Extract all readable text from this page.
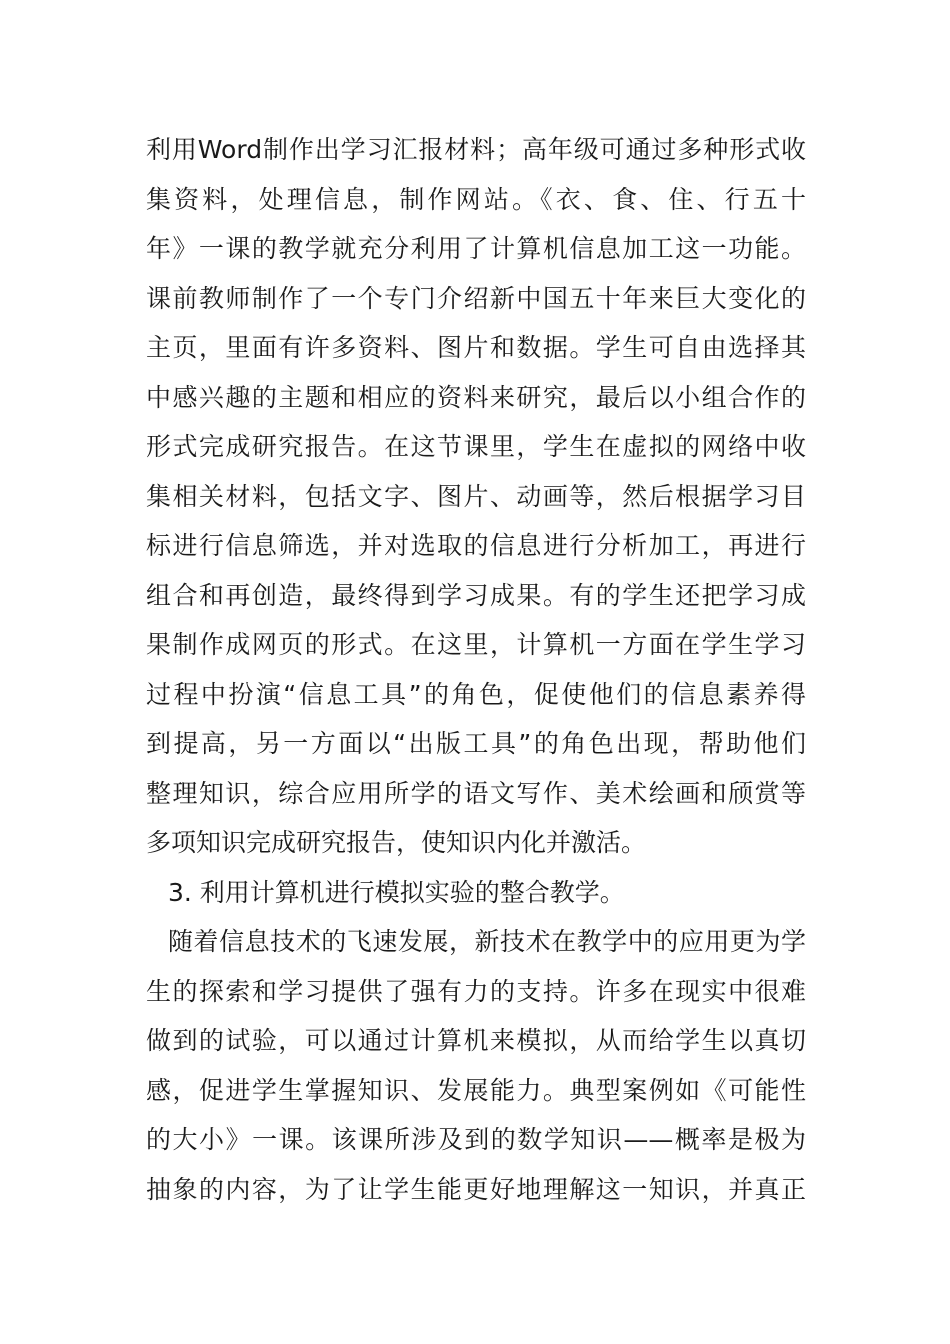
利用Word制作出学习汇报材料；高年级可通过多种形式收
集资料，处理信息，制作网站。《衣、食、住、行五十
年》一课的教学就充分利用了计算机信息加工这一功能。
课前教师制作了一个专门介绍新中国五十年来巨大变化的
主页，里面有许多资料、图片和数据。学生可自由选择其
中感兴趣的主题和相应的资料来研究，最后以小组合作的
形式完成研究报告。在这节课里，学生在虚拟的网络中收
集相关材料，包括文字、图片、动画等，然后根据学习目
标进行信息筛选，并对选取的信息进行分析加工，再进行
组合和再创造，最终得到学习成果。有的学生还把学习成
果制作成网页的形式。在这里，计算机一方面在学生学习
过程中扮演“信息工具”的角色，促使他们的信息素养得
到提高，另一方面以“出版工具”的角色出现，帮助他们
整理知识，综合应用所学的语文写作、美术绘画和颀赏等
多项知识完成研究报告，使知识内化并激活。
3. 利用计算机进行模拟实验的整合教学。
随着信息技术的飞速发展，新技术在教学中的应用更为学
生的探索和学习提供了强有力的支持。许多在现实中很难
做到的试验，可以通过计算机来模拟，从而给学生以真切
感，促进学生掌握知识、发展能力。典型案例如《可能性
的大小》一课。该课所涉及到的数学知识——概率是极为
抽象的内容，为了让学生能更好地理解这一知识，并真正
